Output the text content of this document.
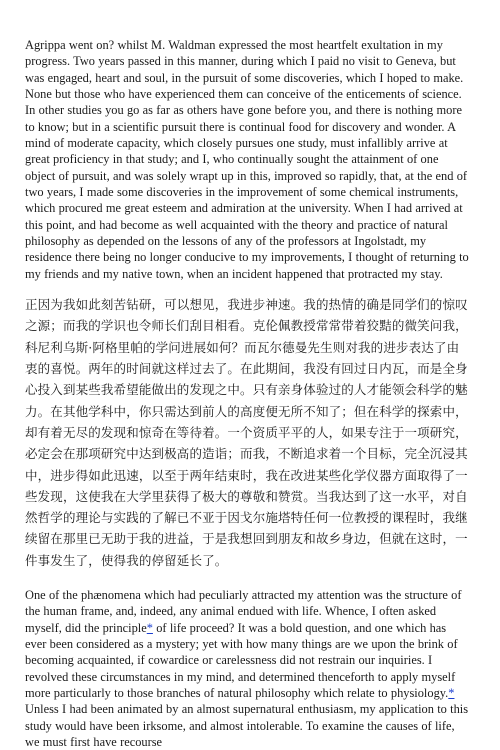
Agrippa went on? whilst M. Waldman expressed the most heartfelt exultation in my progress. Two years passed in this manner, during which I paid no visit to Geneva, but was engaged, heart and soul, in the pursuit of some discoveries, which I hoped to make. None but those who have experienced them can conceive of the enticements of science. In other studies you go as far as others have gone before you, and there is nothing more to know; but in a scientific pursuit there is continual food for discovery and wonder. A mind of moderate capacity, which closely pursues one study, must infallibly arrive at great proficiency in that study; and I, who continually sought the attainment of one object of pursuit, and was solely wrapt up in this, improved so rapidly, that, at the end of two years, I made some discoveries in the improvement of some chemical instruments, which procured me great esteem and admiration at the university. When I had arrived at this point, and had become as well acquainted with the theory and practice of natural philosophy as depended on the lessons of any of the professors at Ingolstadt, my residence there being no longer conducive to my improvements, I thought of returning to my friends and my native town, when an incident happened that protracted my stay.

正因为我如此刻苦钻研，可以想见，我进步神速。我的热情的确是同学们的惊叹之源；而我的学识也令师长们刮目相看。克伦佩教授常常带着狡黠的微笑问我，科尼利乌斯·阿格里帕的学问进展如何？而瓦尔德曼先生则对我的进步表达了由衷的喜悦。两年的时间就这样过去了。在此期间，我没有回过日内瓦，而是全身心投入到某些我希望能做出的发现之中。只有亲身体验过的人才能领会科学的魅力。在其他学科中，你只需达到前人的高度便无所不知了；但在科学的探索中，却有着无尽的发现和惊奇在等待着。一个资质平平的人，如果专注于一项研究，必定会在那项研究中达到极高的造诣；而我，不断追求着一个目标，完全沉浸其中，进步得如此迅速，以至于两年结束时，我在改进某些化学仪器方面取得了一些发现，这使我在大学里获得了极大的尊敬和赞赏。当我达到了这一水平，对自然哲学的理论与实践的了解已不亚于因戈尔施塔特任何一位教授的课程时，我继续留在那里已无助于我的进益，于是我想回到朋友和故乡身边，但就在这时，一件事发生了，使得我的停留延长了。

One of the phænomena which had peculiarly attracted my attention was the structure of the human frame, and, indeed, any animal endued with life. Whence, I often asked myself, did the principle* of life proceed? It was a bold question, and one which has ever been considered as a mystery; yet with how many things are we upon the brink of becoming acquainted, if cowardice or carelessness did not restrain our inquiries. I revolved these circumstances in my mind, and determined thenceforth to apply myself more particularly to those branches of natural philosophy which relate to physiology.* Unless I had been animated by an almost supernatural enthusiasm, my application to this study would have been irksome, and almost intolerable. To examine the causes of life, we must first have recourse
